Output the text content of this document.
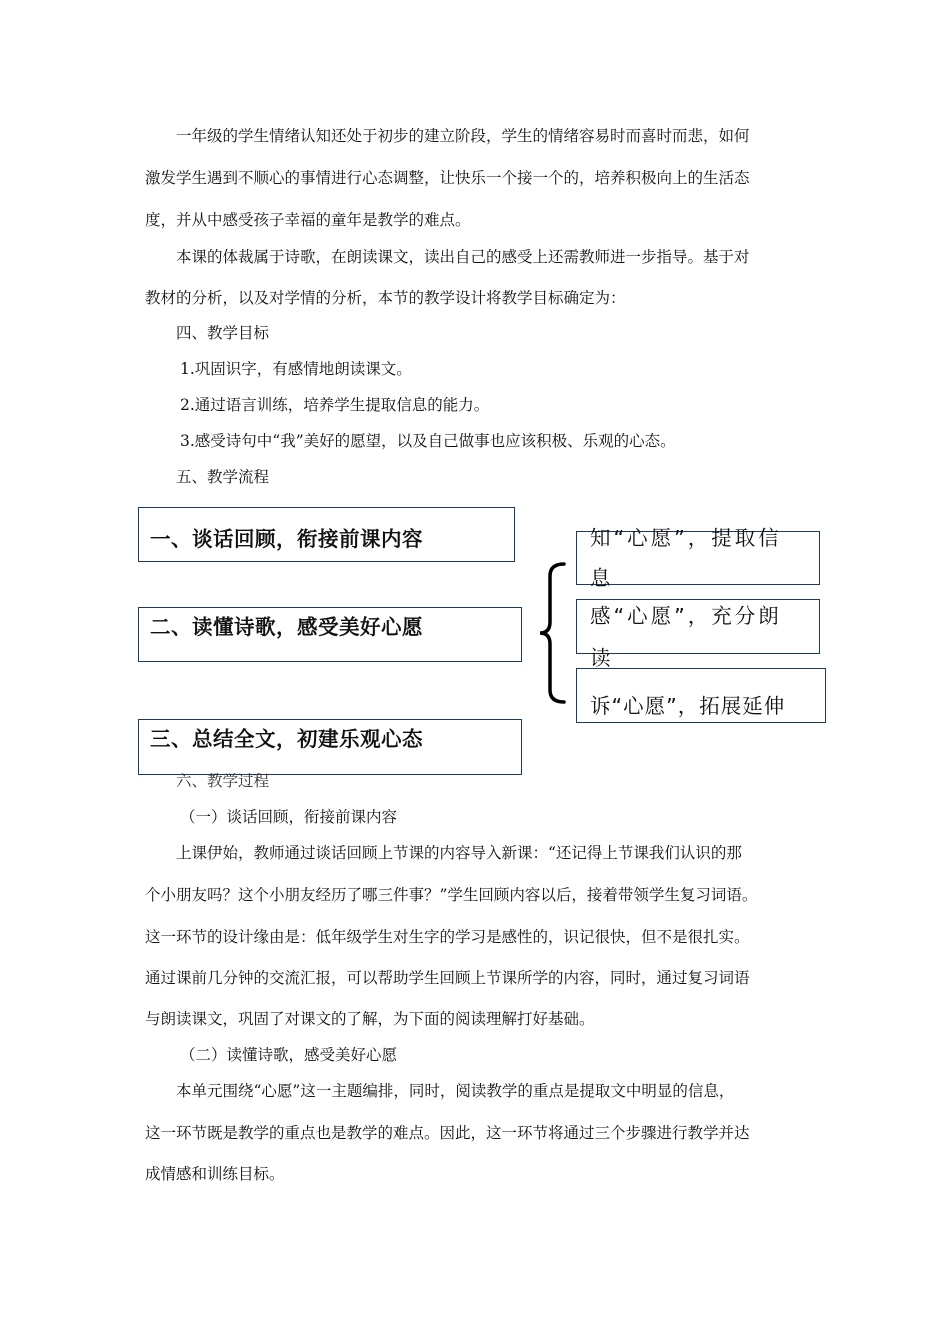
一年级的学生情绪认知还处于初步的建立阶段，学生的情绪容易时而喜时而悲，如何
激发学生遇到不顺心的事情进行心态调整，让快乐一个接一个的，培养积极向上的生活态
度，并从中感受孩子幸福的童年是教学的难点。
本课的体裁属于诗歌，在朗读课文，读出自己的感受上还需教师进一步指导。基于对
教材的分析，以及对学情的分析，本节的教学设计将教学目标确定为：
四、教学目标
1.巩固识字，有感情地朗读课文。
2.通过语言训练，培养学生提取信息的能力。
3.感受诗句中“我”美好的愿望，以及自己做事也应该积极、乐观的心态。
五、教学流程
一、谈话回顾，衔接前课内容
二、读懂诗歌，感受美好心愿
三、总结全文，初建乐观心态
知“心愿”，提取信
息
感“心愿”，充分朗
读
诉“心愿”，拓展延伸
六、教学过程
（一）谈话回顾，衔接前课内容
上课伊始，教师通过谈话回顾上节课的内容导入新课：“还记得上节课我们认识的那
个小朋友吗？这个小朋友经历了哪三件事？”学生回顾内容以后，接着带领学生复习词语。
这一环节的设计缘由是：低年级学生对生字的学习是感性的，识记很快，但不是很扎实。
通过课前几分钟的交流汇报，可以帮助学生回顾上节课所学的内容，同时，通过复习词语
与朗读课文，巩固了对课文的了解，为下面的阅读理解打好基础。
（二）读懂诗歌，感受美好心愿
本单元围绕“心愿”这一主题编排，同时，阅读教学的重点是提取文中明显的信息，
这一环节既是教学的重点也是教学的难点。因此，这一环节将通过三个步骤进行教学并达
成情感和训练目标。
